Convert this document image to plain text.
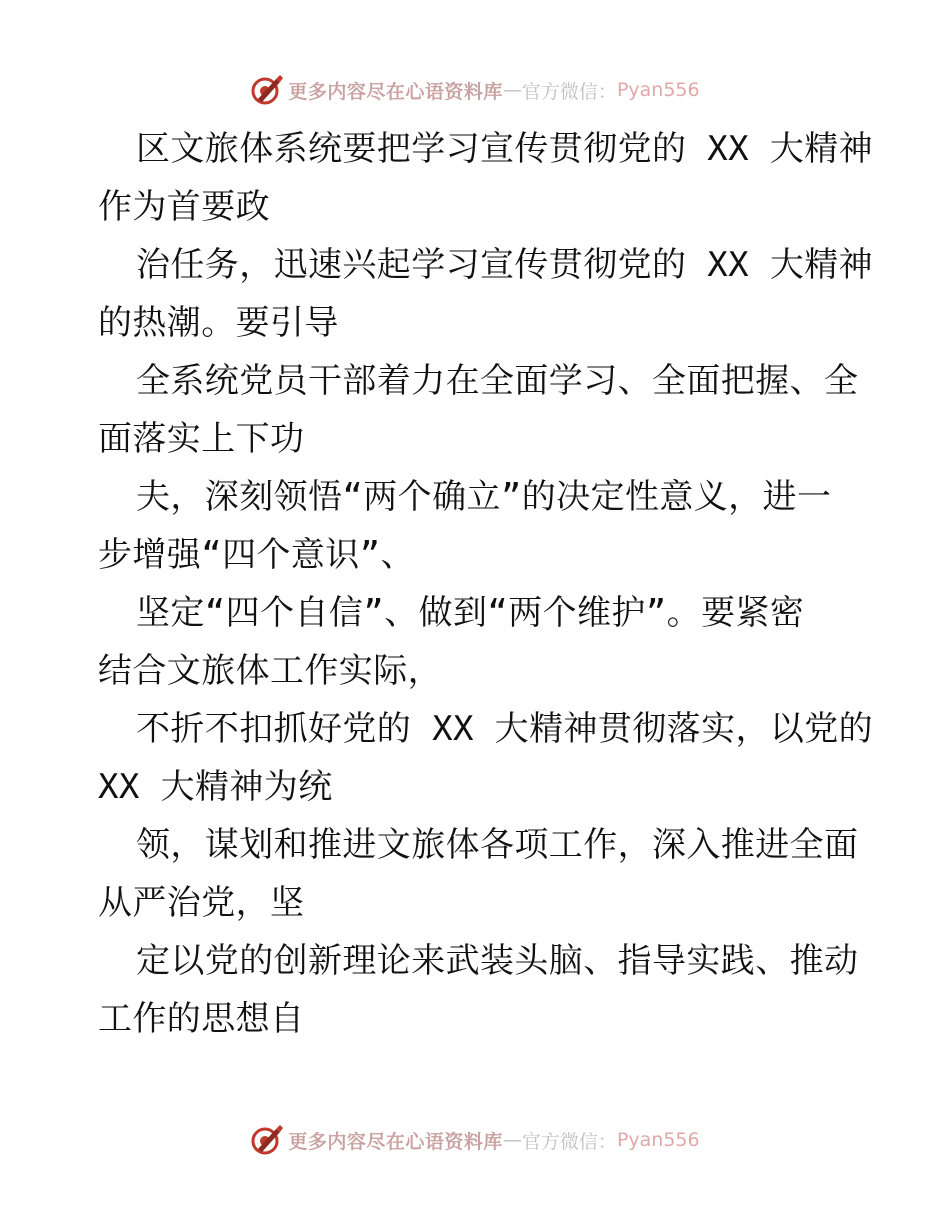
更多内容尽在心语资料库 — 官方微信： Pyan556
区文旅体系统要把学习宣传贯彻党的 XX 大精神
作为首要政
治任务，迅速兴起学习宣传贯彻党的 XX 大精神
的热潮。要引导
全系统党员干部着力在全面学习、全面把握、全
面落实上下功
夫，深刻领悟“两个确立”的决定性意义，进一
步增强“四个意识”、
坚定“四个自信”、做到“两个维护”。要紧密
结合文旅体工作实际，
不折不扣抓好党的 XX 大精神贯彻落实，以党的
XX 大精神为统
领，谋划和推进文旅体各项工作，深入推进全面
从严治党，坚
定以党的创新理论来武装头脑、指导实践、推动
工作的思想自
更多内容尽在心语资料库 — 官方微信： Pyan556
